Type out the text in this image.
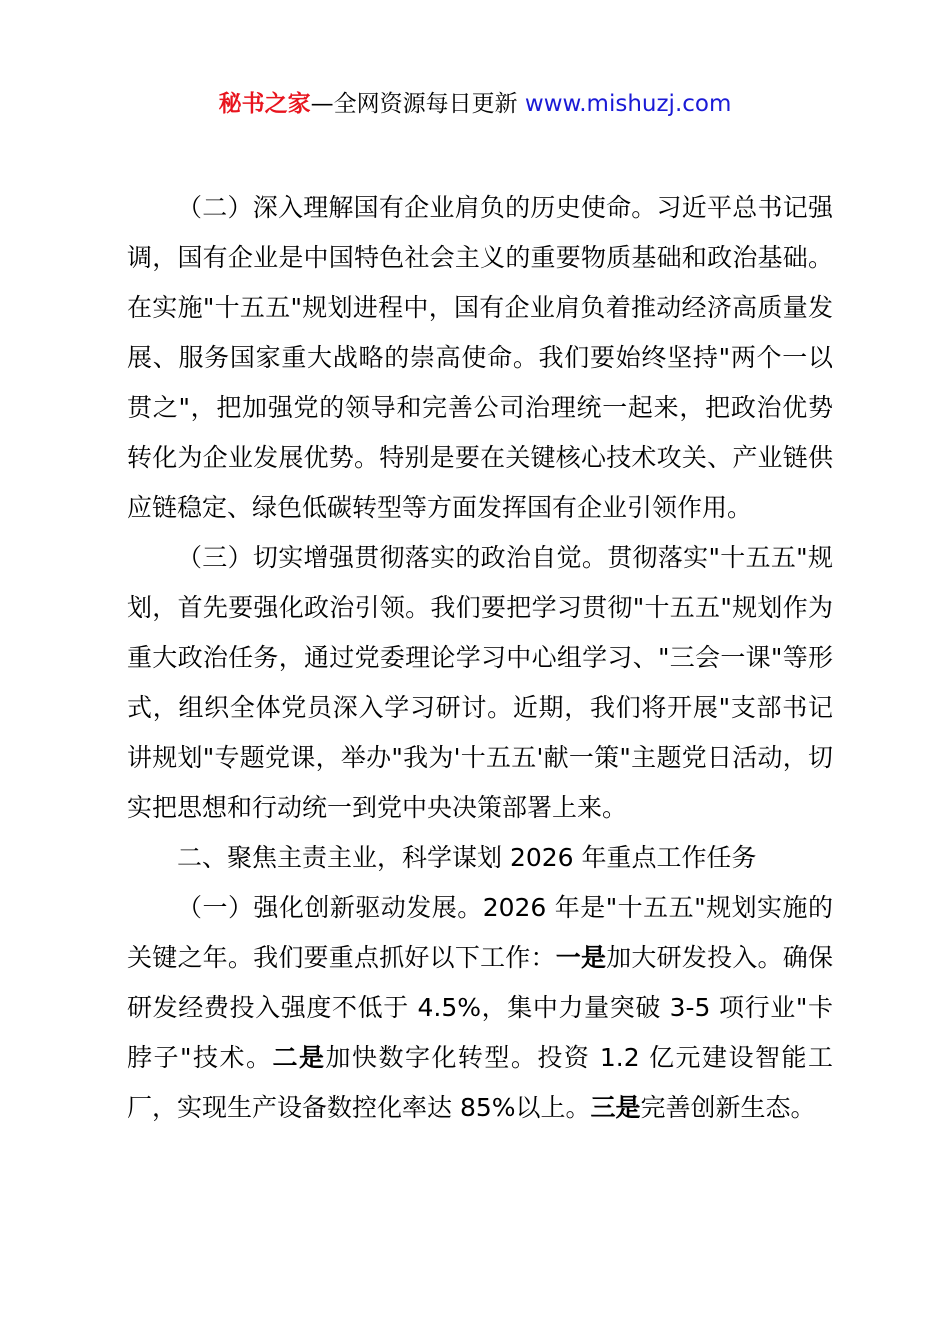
秘书之家—全网资源每日更新 www.mishuzj.com

（二）深入理解国有企业肩负的历史使命。习近平总书记强调，国有企业是中国特色社会主义的重要物质基础和政治基础。在实施"十五五"规划进程中，国有企业肩负着推动经济高质量发展、服务国家重大战略的崇高使命。我们要始终坚持"两个一以贯之"，把加强党的领导和完善公司治理统一起来，把政治优势转化为企业发展优势。特别是要在关键核心技术攻关、产业链供应链稳定、绿色低碳转型等方面发挥国有企业引领作用。

（三）切实增强贯彻落实的政治自觉。贯彻落实"十五五"规划，首先要强化政治引领。我们要把学习贯彻"十五五"规划作为重大政治任务，通过党委理论学习中心组学习、"三会一课"等形式，组织全体党员深入学习研讨。近期，我们将开展"支部书记讲规划"专题党课，举办"我为'十五五'献一策"主题党日活动，切实把思想和行动统一到党中央决策部署上来。

二、聚焦主责主业，科学谋划 2026 年重点工作任务

（一）强化创新驱动发展。2026 年是"十五五"规划实施的关键之年。我们要重点抓好以下工作：一是加大研发投入。确保研发经费投入强度不低于 4.5%，集中力量突破 3-5 项行业"卡脖子"技术。二是加快数字化转型。投资 1.2 亿元建设智能工厂，实现生产设备数控化率达 85%以上。三是完善创新生态。
